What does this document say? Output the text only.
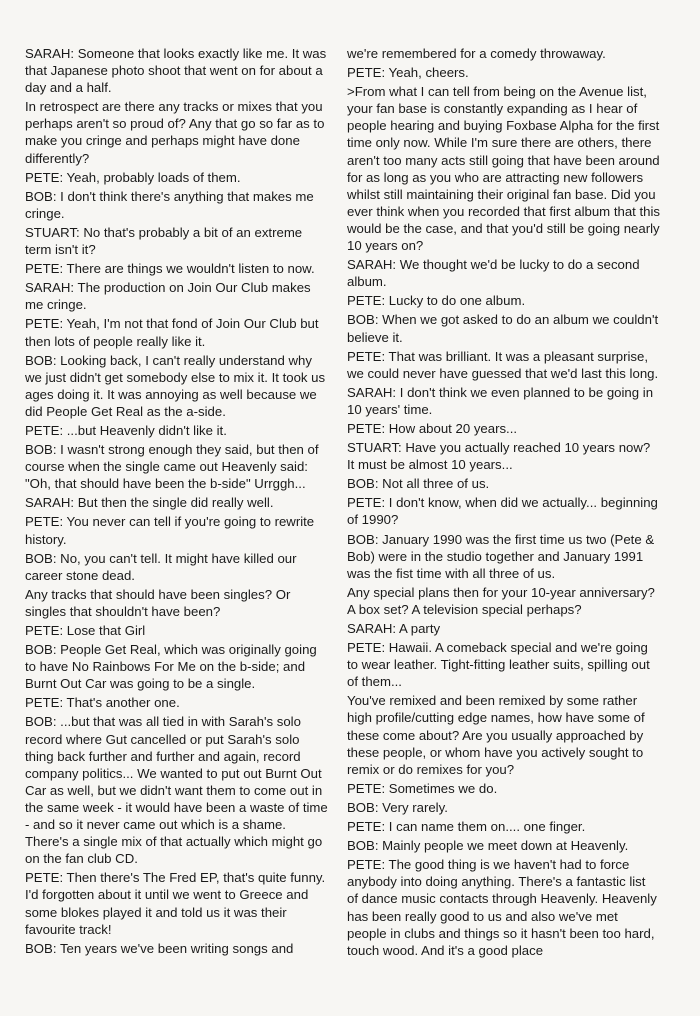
SARAH: Someone that looks exactly like me. It was that Japanese photo shoot that went on for about a day and a half.

In retrospect are there any tracks or mixes that you perhaps aren't so proud of? Any that go so far as to make you cringe and perhaps might have done differently?

PETE: Yeah, probably loads of them.

BOB: I don't think there's anything that makes me cringe.

STUART: No that's probably a bit of an extreme term isn't it?

PETE: There are things we wouldn't listen to now.

SARAH: The production on Join Our Club makes me cringe.

PETE: Yeah, I'm not that fond of Join Our Club but then lots of people really like it.

BOB: Looking back, I can't really understand why we just didn't get somebody else to mix it. It took us ages doing it. It was annoying as well because we did People Get Real as the a-side.

PETE: ...but Heavenly didn't like it.

BOB: I wasn't strong enough they said, but then of course when the single came out Heavenly said: "Oh, that should have been the b-side" Urrggh...

SARAH: But then the single did really well.

PETE: You never can tell if you're going to rewrite history.

BOB: No, you can't tell. It might have killed our career stone dead.

Any tracks that should have been singles? Or singles that shouldn't have been?

PETE: Lose that Girl

BOB: People Get Real, which was originally going to have No Rainbows For Me on the b-side; and Burnt Out Car was going to be a single.

PETE: That's another one.

BOB: ...but that was all tied in with Sarah's solo record where Gut cancelled or put Sarah's solo thing back further and further and again, record company politics... We wanted to put out Burnt Out Car as well, but we didn't want them to come out in the same week - it would have been a waste of time - and so it never came out which is a shame. There's a single mix of that actually which might go on the fan club CD.

PETE: Then there's The Fred EP, that's quite funny. I'd forgotten about it until we went to Greece and some blokes played it and told us it was their favourite track!

BOB: Ten years we've been writing songs and

we're remembered for a comedy throwaway.

PETE: Yeah, cheers.

>From what I can tell from being on the Avenue list, your fan base is constantly expanding as I hear of people hearing and buying Foxbase Alpha for the first time only now. While I'm sure there are others, there aren't too many acts still going that have been around for as long as you who are attracting new followers whilst still maintaining their original fan base. Did you ever think when you recorded that first album that this would be the case, and that you'd still be going nearly 10 years on?

SARAH: We thought we'd be lucky to do a second album.

PETE: Lucky to do one album.

BOB: When we got asked to do an album we couldn't believe it.

PETE: That was brilliant. It was a pleasant surprise, we could never have guessed that we'd last this long.

SARAH: I don't think we even planned to be going in 10 years' time.

PETE: How about 20 years...

STUART: Have you actually reached 10 years now? It must be almost 10 years...

BOB: Not all three of us.

PETE: I don't know, when did we actually... beginning of 1990?

BOB: January 1990 was the first time us two (Pete & Bob) were in the studio together and January 1991 was the fist time with all three of us.

Any special plans then for your 10-year anniversary? A box set? A television special perhaps?

SARAH: A party

PETE: Hawaii. A comeback special and we're going to wear leather. Tight-fitting leather suits, spilling out of them...

You've remixed and been remixed by some rather high profile/cutting edge names, how have some of these come about? Are you usually approached by these people, or whom have you actively sought to remix or do remixes for you?

PETE: Sometimes we do.

BOB: Very rarely.

PETE: I can name them on.... one finger.

BOB: Mainly people we meet down at Heavenly.

PETE: The good thing is we haven't had to force anybody into doing anything. There's a fantastic list of dance music contacts through Heavenly. Heavenly has been really good to us and also we've met people in clubs and things so it hasn't been too hard, touch wood. And it's a good place
